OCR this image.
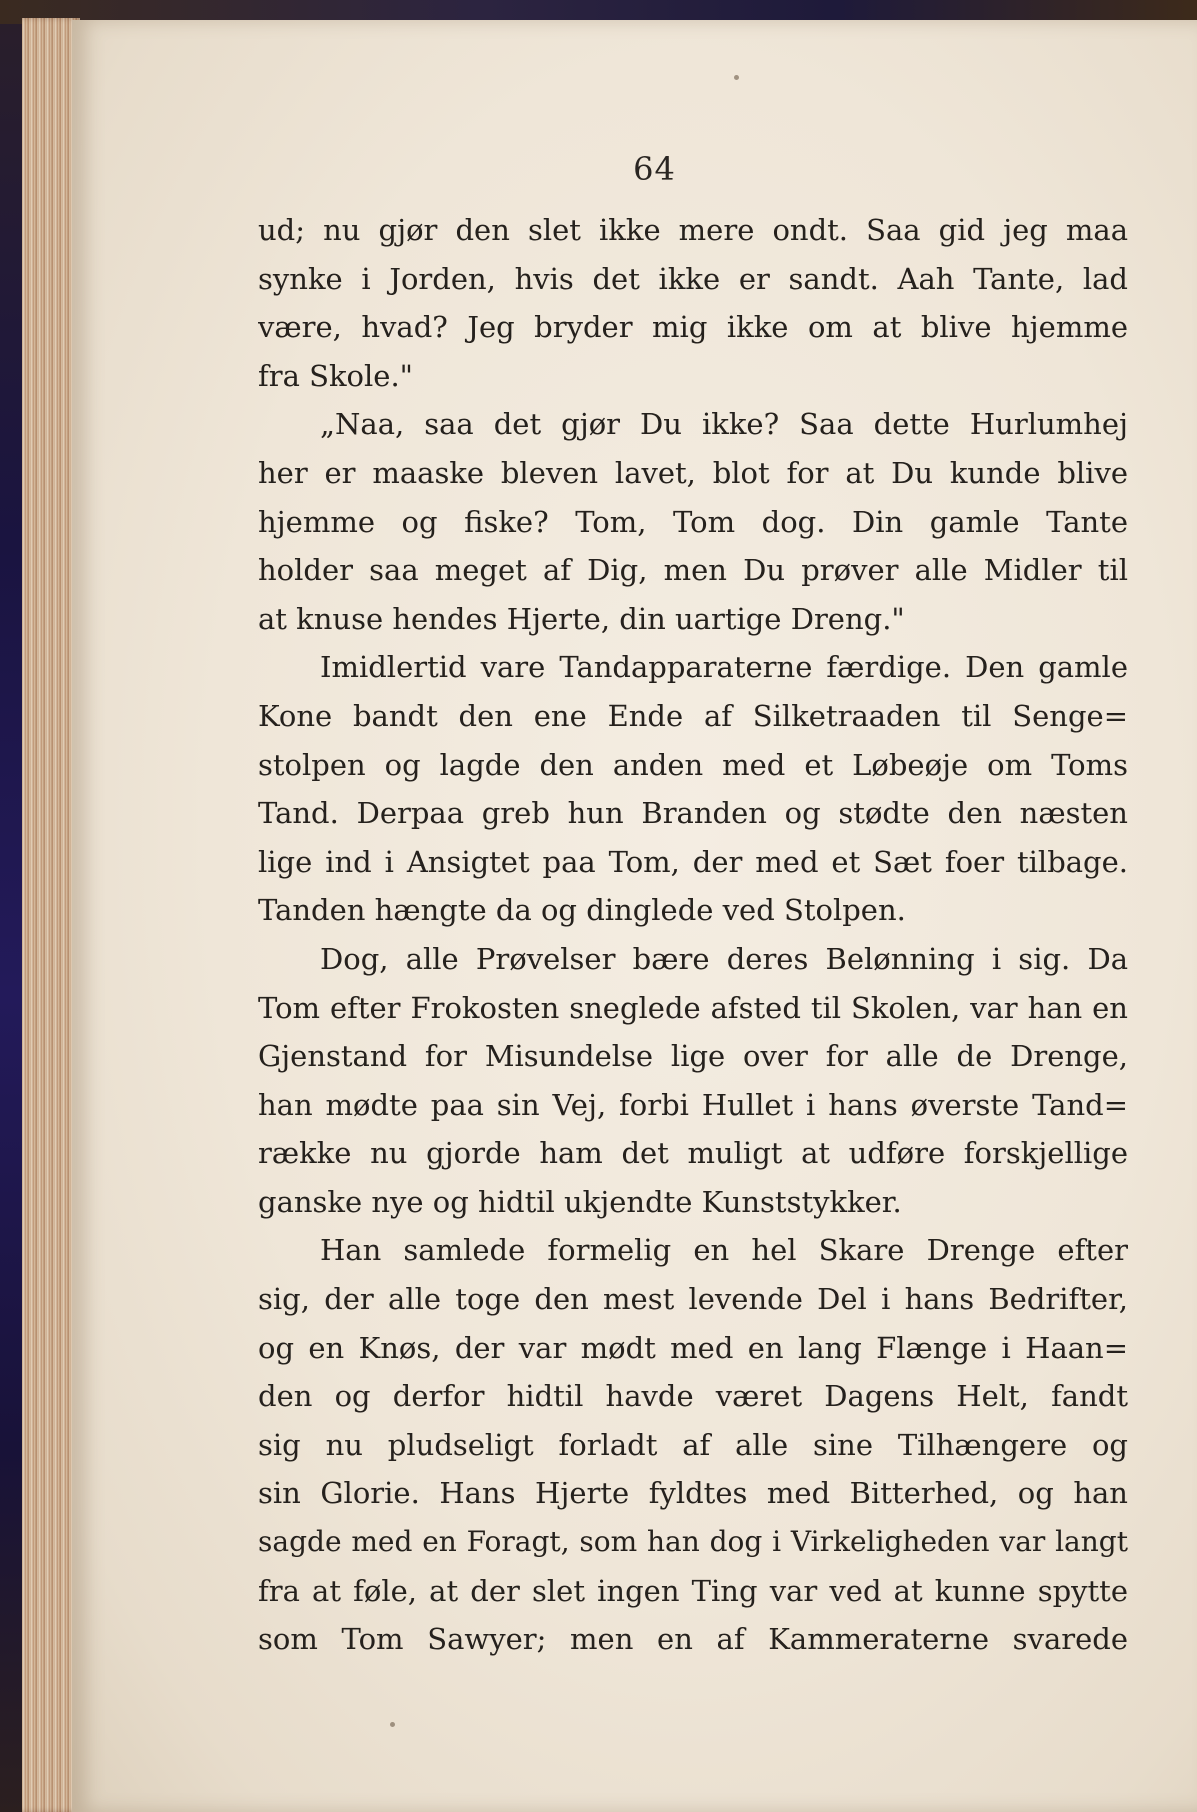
64
ud; nu gjør den slet ikke mere ondt. Saa gid jeg maa
synke i Jorden, hvis det ikke er sandt. Aah Tante, lad
være, hvad? Jeg bryder mig ikke om at blive hjemme
fra Skole."
„Naa, saa det gjør Du ikke? Saa dette Hurlumhej
her er maaske bleven lavet, blot for at Du kunde blive
hjemme og fiske? Tom, Tom dog. Din gamle Tante
holder saa meget af Dig, men Du prøver alle Midler til
at knuse hendes Hjerte, din uartige Dreng."
Imidlertid vare Tandapparaterne færdige. Den gamle
Kone bandt den ene Ende af Silketraaden til Senge=
stolpen og lagde den anden med et Løbeøje om Toms
Tand. Derpaa greb hun Branden og stødte den næsten
lige ind i Ansigtet paa Tom, der med et Sæt foer tilbage.
Tanden hængte da og dinglede ved Stolpen.
Dog, alle Prøvelser bære deres Belønning i sig. Da
Tom efter Frokosten sneglede afsted til Skolen, var han en
Gjenstand for Misundelse lige over for alle de Drenge,
han mødte paa sin Vej, forbi Hullet i hans øverste Tand=
række nu gjorde ham det muligt at udføre forskjellige
ganske nye og hidtil ukjendte Kunststykker.
Han samlede formelig en hel Skare Drenge efter
sig, der alle toge den mest levende Del i hans Bedrifter,
og en Knøs, der var mødt med en lang Flænge i Haan=
den og derfor hidtil havde været Dagens Helt, fandt
sig nu pludseligt forladt af alle sine Tilhængere og
sin Glorie. Hans Hjerte fyldtes med Bitterhed, og han
sagde med en Foragt, som han dog i Virkeligheden var langt
fra at føle, at der slet ingen Ting var ved at kunne spytte
som Tom Sawyer; men en af Kammeraterne svarede
